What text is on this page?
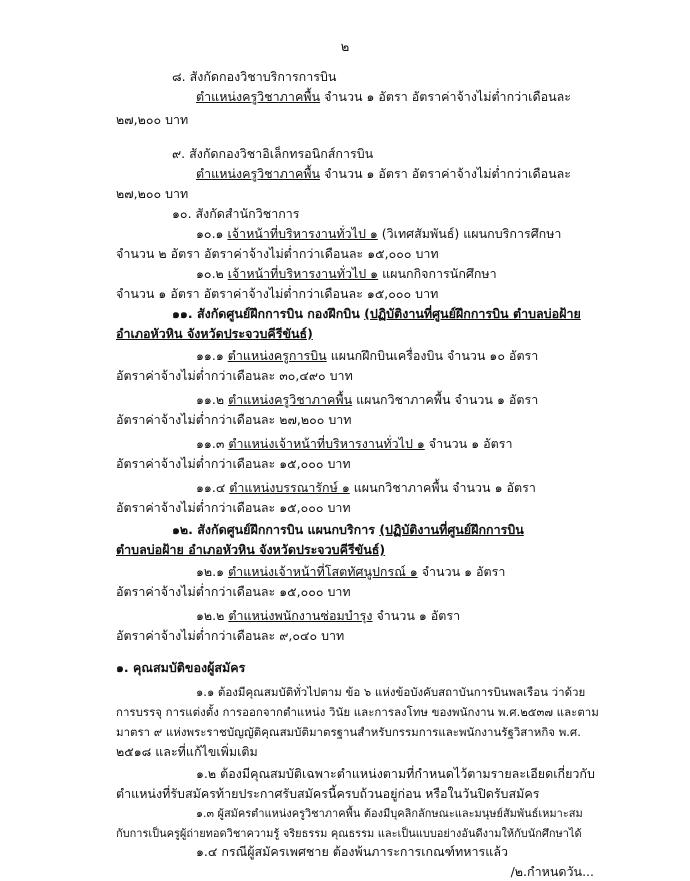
๒
๘. สังกัดกองวิชาบริการการบิน
ตำแหน่งครูวิชาภาคพื้น จำนวน ๑ อัตรา อัตราค่าจ้างไม่ต่ำกว่าเดือนละ
๒๗,๒๐๐ บาท
๙. สังกัดกองวิชาอิเล็กทรอนิกส์การบิน
ตำแหน่งครูวิชาภาคพื้น จำนวน ๑ อัตรา อัตราค่าจ้างไม่ต่ำกว่าเดือนละ
๒๗,๒๐๐ บาท
๑๐. สังกัดสำนักวิชาการ
๑๐.๑ เจ้าหน้าที่บริหารงานทั่วไป ๑ (วิเทศสัมพันธ์) แผนกบริการศึกษา
จำนวน ๒ อัตรา อัตราค่าจ้างไม่ต่ำกว่าเดือนละ ๑๕,๐๐๐ บาท
๑๐.๒ เจ้าหน้าที่บริหารงานทั่วไป ๑ แผนกกิจการนักศึกษา
จำนวน ๑ อัตรา อัตราค่าจ้างไม่ต่ำกว่าเดือนละ ๑๕,๐๐๐ บาท
๑๑. สังกัดศูนย์ฝึกการบิน กองฝึกบิน (ปฏิบัติงานที่ศูนย์ฝึกการบิน ตำบลบ่อฝ้าย
อำเภอหัวหิน จังหวัดประจวบคีรีขันธ์)
๑๑.๑ ตำแหน่งครูการบิน แผนกฝึกบินเครื่องบิน จำนวน ๑๐ อัตรา
อัตราค่าจ้างไม่ต่ำกว่าเดือนละ ๓๐,๔๙๐ บาท
๑๑.๒ ตำแหน่งครูวิชาภาคพื้น แผนกวิชาภาคพื้น จำนวน ๑ อัตรา
อัตราค่าจ้างไม่ต่ำกว่าเดือนละ ๒๗,๒๐๐ บาท
๑๑.๓ ตำแหน่งเจ้าหน้าที่บริหารงานทั่วไป ๑ จำนวน ๑ อัตรา
อัตราค่าจ้างไม่ต่ำกว่าเดือนละ ๑๕,๐๐๐ บาท
๑๑.๔ ตำแหน่งบรรณารักษ์ ๑ แผนกวิชาภาคพื้น จำนวน ๑ อัตรา
อัตราค่าจ้างไม่ต่ำกว่าเดือนละ ๑๕,๐๐๐ บาท
๑๒. สังกัดศูนย์ฝึกการบิน แผนกบริการ (ปฏิบัติงานที่ศูนย์ฝึกการบิน
ตำบลบ่อฝ้าย อำเภอหัวหิน จังหวัดประจวบคีรีขันธ์)
๑๒.๑ ตำแหน่งเจ้าหน้าที่โสตทัศนูปกรณ์ ๑ จำนวน ๑ อัตรา
อัตราค่าจ้างไม่ต่ำกว่าเดือนละ ๑๕,๐๐๐ บาท
๑๒.๒ ตำแหน่งพนักงานซ่อมบำรุง จำนวน ๑ อัตรา
อัตราค่าจ้างไม่ต่ำกว่าเดือนละ ๙,๐๔๐ บาท
๑. คุณสมบัติของผู้สมัคร
๑.๑ ต้องมีคุณสมบัติทั่วไปตาม ข้อ ๖ แห่งข้อบังคับสถาบันการบินพลเรือน ว่าด้วย
การบรรจุ การแต่งตั้ง การออกจากตำแหน่ง วินัย และการลงโทษ ของพนักงาน พ.ศ.๒๕๓๗ และตาม
มาตรา ๙ แห่งพระราชบัญญัติคุณสมบัติมาตรฐานสำหรับกรรมการและพนักงานรัฐวิสาหกิจ พ.ศ.
๒๕๑๘ และที่แก้ไขเพิ่มเติม
๑.๒ ต้องมีคุณสมบัติเฉพาะตำแหน่งตามที่กำหนดไว้ตามรายละเอียดเกี่ยวกับ
ตำแหน่งที่รับสมัครท้ายประกาศรับสมัครนี้ครบถ้วนอยู่ก่อน หรือในวันปิดรับสมัคร
๑.๓ ผู้สมัครตำแหน่งครูวิชาภาคพื้น ต้องมีบุคลิกลักษณะและมนุษย์สัมพันธ์เหมาะสม
กับการเป็นครูผู้ถ่ายทอดวิชาความรู้ จริยธรรม คุณธรรม และเป็นแบบอย่างอันดีงามให้กับนักศึกษาได้
๑.๔ กรณีผู้สมัครเพศชาย ต้องพ้นภาระการเกณฑ์ทหารแล้ว
/๒.กำหนดวัน...
